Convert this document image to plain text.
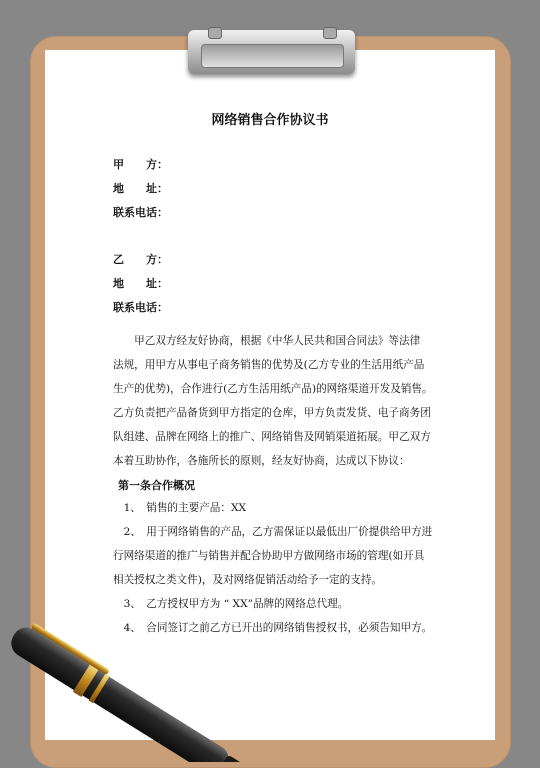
网络销售合作协议书
甲　　方：
地　　址：
联系电话：
乙　　方：
地　　址：
联系电话：
　　甲乙双方经友好协商，根据《中华人民共和国合同法》等法律
法规，用甲方从事电子商务销售的优势及(乙方专业的生活用纸产品
生产的优势)，合作进行(乙方生活用纸产品)的网络渠道开发及销售。
乙方负责把产品备货到甲方指定的仓库，甲方负责发货、电子商务团
队组建、品牌在网络上的推广、网络销售及网销渠道拓展。甲乙双方
本着互助协作，各施所长的原则，经友好协商，达成以下协议：
第一条合作概况
　1、　销售的主要产品：XX
　2、　用于网络销售的产品，乙方需保证以最低出厂价提供给甲方进
行网络渠道的推广与销售并配合协助甲方做网络市场的管理(如开具
相关授权之类文件)，及对网络促销活动给予一定的支持。
　3、　乙方授权甲方为 “ XX”品牌的网络总代理。
　4、　合同签订之前乙方已开出的网络销售授权书，必须告知甲方。
